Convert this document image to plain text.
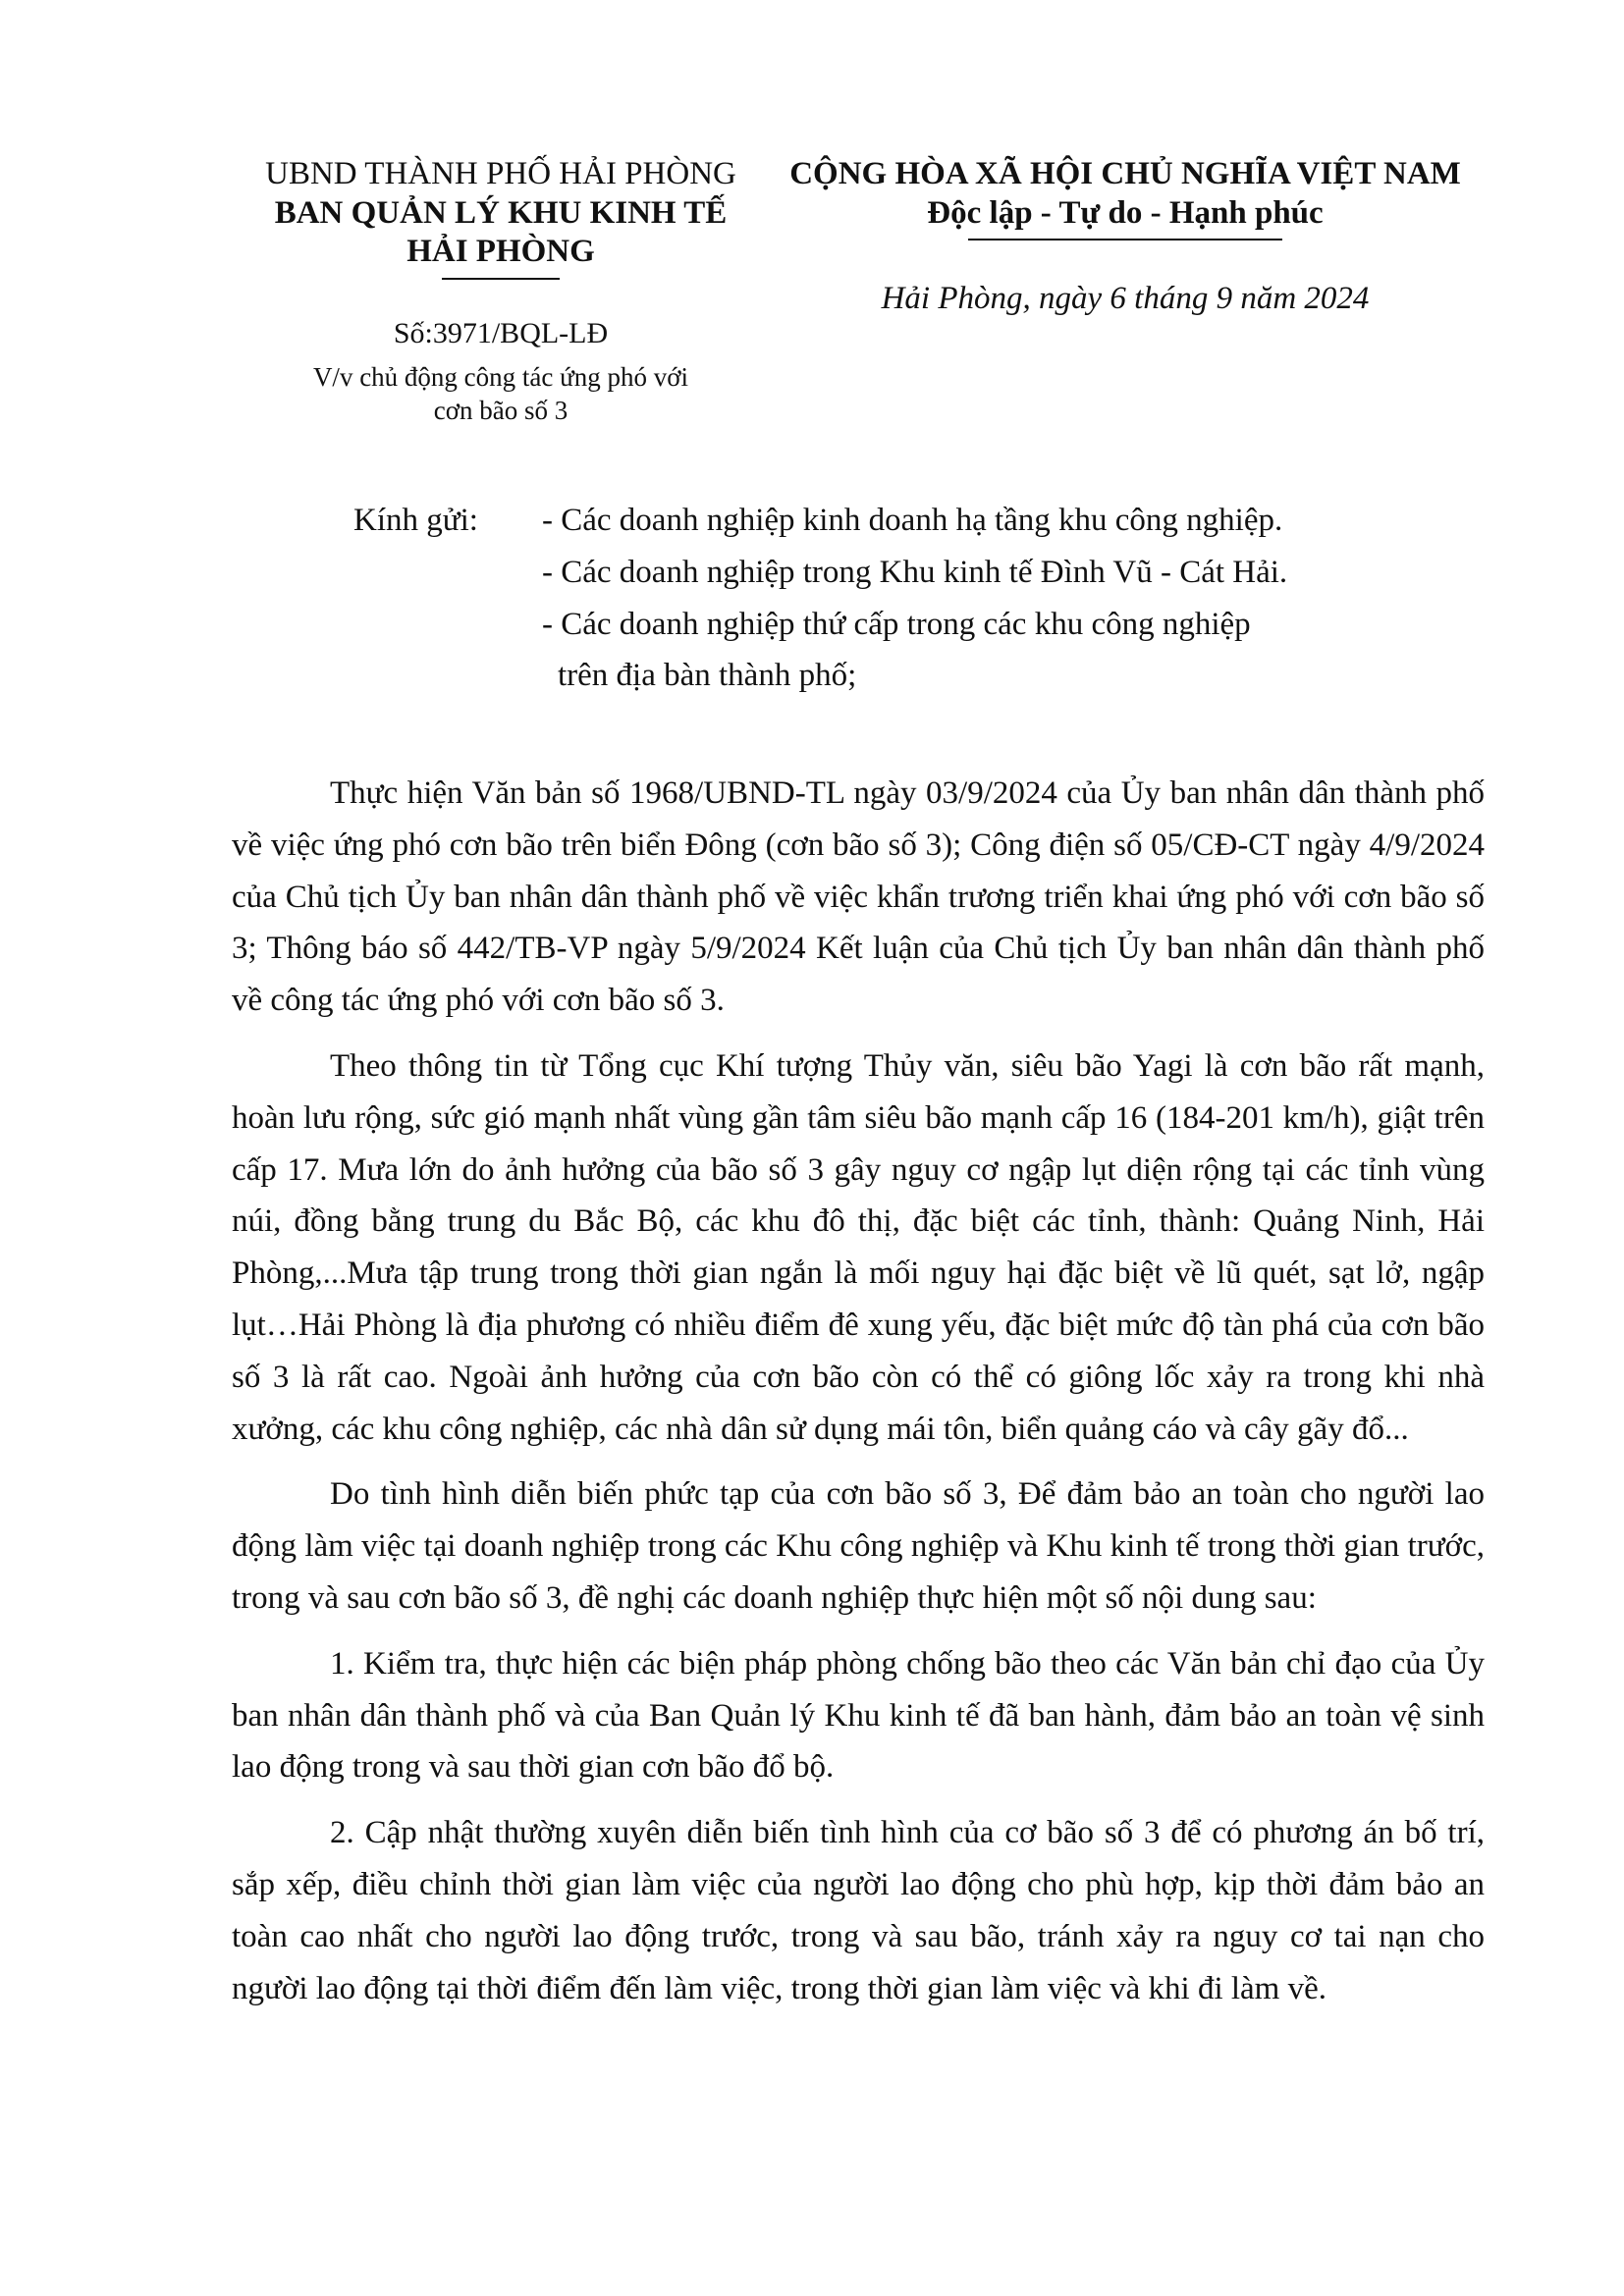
UBND THÀNH PHỐ HẢI PHÒNG
BAN QUẢN LÝ KHU KINH TẾ
HẢI PHÒNG
Số:3971/BQL-LĐ
V/v chủ động công tác ứng phó với
cơn bão số 3
CỘNG HÒA XÃ HỘI CHỦ NGHĨA VIỆT NAM
Độc lập - Tự do - Hạnh phúc
Hải Phòng, ngày 6 tháng 9 năm 2024
Kính gửi: - Các doanh nghiệp kinh doanh hạ tầng khu công nghiệp.
- Các doanh nghiệp trong Khu kinh tế Đình Vũ - Cát Hải.
- Các doanh nghiệp thứ cấp trong các khu công nghiệp
trên địa bàn thành phố;

Thực hiện Văn bản số 1968/UBND-TL ngày 03/9/2024 của Ủy ban nhân dân thành phố về việc ứng phó cơn bão trên biển Đông (cơn bão số 3); Công điện số 05/CĐ-CT ngày 4/9/2024 của Chủ tịch Ủy ban nhân dân thành phố về việc khẩn trương triển khai ứng phó với cơn bão số 3; Thông báo số 442/TB-VP ngày 5/9/2024 Kết luận của Chủ tịch Ủy ban nhân dân thành phố về công tác ứng phó với cơn bão số 3.

Theo thông tin từ Tổng cục Khí tượng Thủy văn, siêu bão Yagi là cơn bão rất mạnh, hoàn lưu rộng, sức gió mạnh nhất vùng gần tâm siêu bão mạnh cấp 16 (184-201 km/h), giật trên cấp 17. Mưa lớn do ảnh hưởng của bão số 3 gây nguy cơ ngập lụt diện rộng tại các tỉnh vùng núi, đồng bằng trung du Bắc Bộ, các khu đô thị, đặc biệt các tỉnh, thành: Quảng Ninh, Hải Phòng,...Mưa tập trung trong thời gian ngắn là mối nguy hại đặc biệt về lũ quét, sạt lở, ngập lụt…Hải Phòng là địa phương có nhiều điểm đê xung yếu, đặc biệt mức độ tàn phá của cơn bão số 3 là rất cao. Ngoài ảnh hưởng của cơn bão còn có thể có giông lốc xảy ra trong khi nhà xưởng, các khu công nghiệp, các nhà dân sử dụng mái tôn, biển quảng cáo và cây gãy đổ...

Do tình hình diễn biến phức tạp của cơn bão số 3, Để đảm bảo an toàn cho người lao động làm việc tại doanh nghiệp trong các Khu công nghiệp và Khu kinh tế trong thời gian trước, trong và sau cơn bão số 3, đề nghị các doanh nghiệp thực hiện một số nội dung sau:

1. Kiểm tra, thực hiện các biện pháp phòng chống bão theo các Văn bản chỉ đạo của Ủy ban nhân dân thành phố và của Ban Quản lý Khu kinh tế đã ban hành, đảm bảo an toàn vệ sinh lao động trong và sau thời gian cơn bão đổ bộ.

2. Cập nhật thường xuyên diễn biến tình hình của cơ bão số 3 để có phương án bố trí, sắp xếp, điều chỉnh thời gian làm việc của người lao động cho phù hợp, kịp thời đảm bảo an toàn cao nhất cho người lao động trước, trong và sau bão, tránh xảy ra nguy cơ tai nạn cho người lao động tại thời điểm đến làm việc, trong thời gian làm việc và khi đi làm về.
